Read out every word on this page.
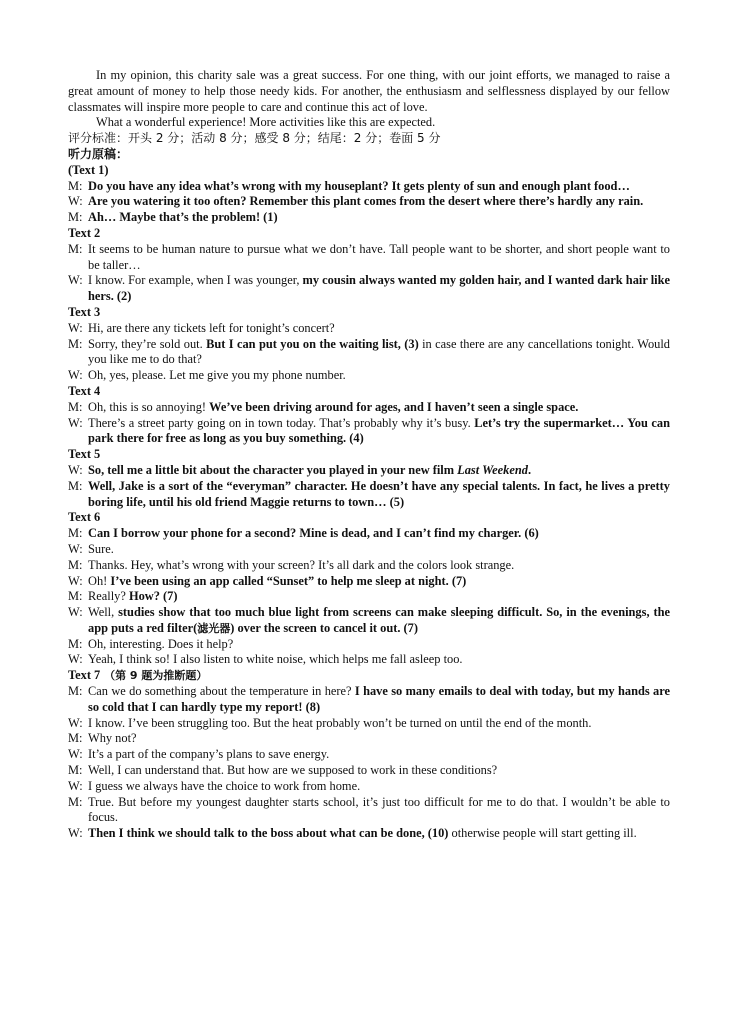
In my opinion, this charity sale was a great success. For one thing, with our joint efforts, we managed to raise a great amount of money to help those needy kids. For another, the enthusiasm and selflessness displayed by our fellow classmates will inspire more people to care and continue this act of love.
What a wonderful experience! More activities like this are expected.
评分标准：开头 2 分；活动 8 分；感受 8 分；结尾：2 分；卷面 5 分
听力原稿：
(Text 1)
M: Do you have any idea what’s wrong with my houseplant? It gets plenty of sun and enough plant food…
W: Are you watering it too often? Remember this plant comes from the desert where there’s hardly any rain.
M: Ah… Maybe that’s the problem! (1)
Text 2
M: It seems to be human nature to pursue what we don’t have. Tall people want to be shorter, and short people want to be taller…
W: I know. For example, when I was younger, my cousin always wanted my golden hair, and I wanted dark hair like hers. (2)
Text 3
W: Hi, are there any tickets left for tonight’s concert?
M: Sorry, they’re sold out. But I can put you on the waiting list, (3) in case there are any cancellations tonight. Would you like me to do that?
W: Oh, yes, please. Let me give you my phone number.
Text 4
M: Oh, this is so annoying! We’ve been driving around for ages, and I haven’t seen a single space.
W: There’s a street party going on in town today. That’s probably why it’s busy. Let’s try the supermarket… You can park there for free as long as you buy something. (4)
Text 5
W: So, tell me a little bit about the character you played in your new film Last Weekend.
M: Well, Jake is a sort of the “everyman” character. He doesn’t have any special talents. In fact, he lives a pretty boring life, until his old friend Maggie returns to town… (5)
Text 6
M: Can I borrow your phone for a second? Mine is dead, and I can’t find my charger. (6)
W: Sure.
M: Thanks. Hey, what’s wrong with your screen? It’s all dark and the colors look strange.
W: Oh! I’ve been using an app called “Sunset” to help me sleep at night. (7)
M: Really? How? (7)
W: Well, studies show that too much blue light from screens can make sleeping difficult. So, in the evenings, the app puts a red filter(滤光器) over the screen to cancel it out. (7)
M: Oh, interesting. Does it help?
W: Yeah, I think so! I also listen to white noise, which helps me fall asleep too.
Text 7 （第 9 题为推断题）
M: Can we do something about the temperature in here? I have so many emails to deal with today, but my hands are so cold that I can hardly type my report! (8)
W: I know. I’ve been struggling too. But the heat probably won’t be turned on until the end of the month.
M: Why not?
W: It’s a part of the company’s plans to save energy.
M: Well, I can understand that. But how are we supposed to work in these conditions?
W: I guess we always have the choice to work from home.
M: True. But before my youngest daughter starts school, it’s just too difficult for me to do that. I wouldn’t be able to focus.
W: Then I think we should talk to the boss about what can be done, (10) otherwise people will start getting ill.
